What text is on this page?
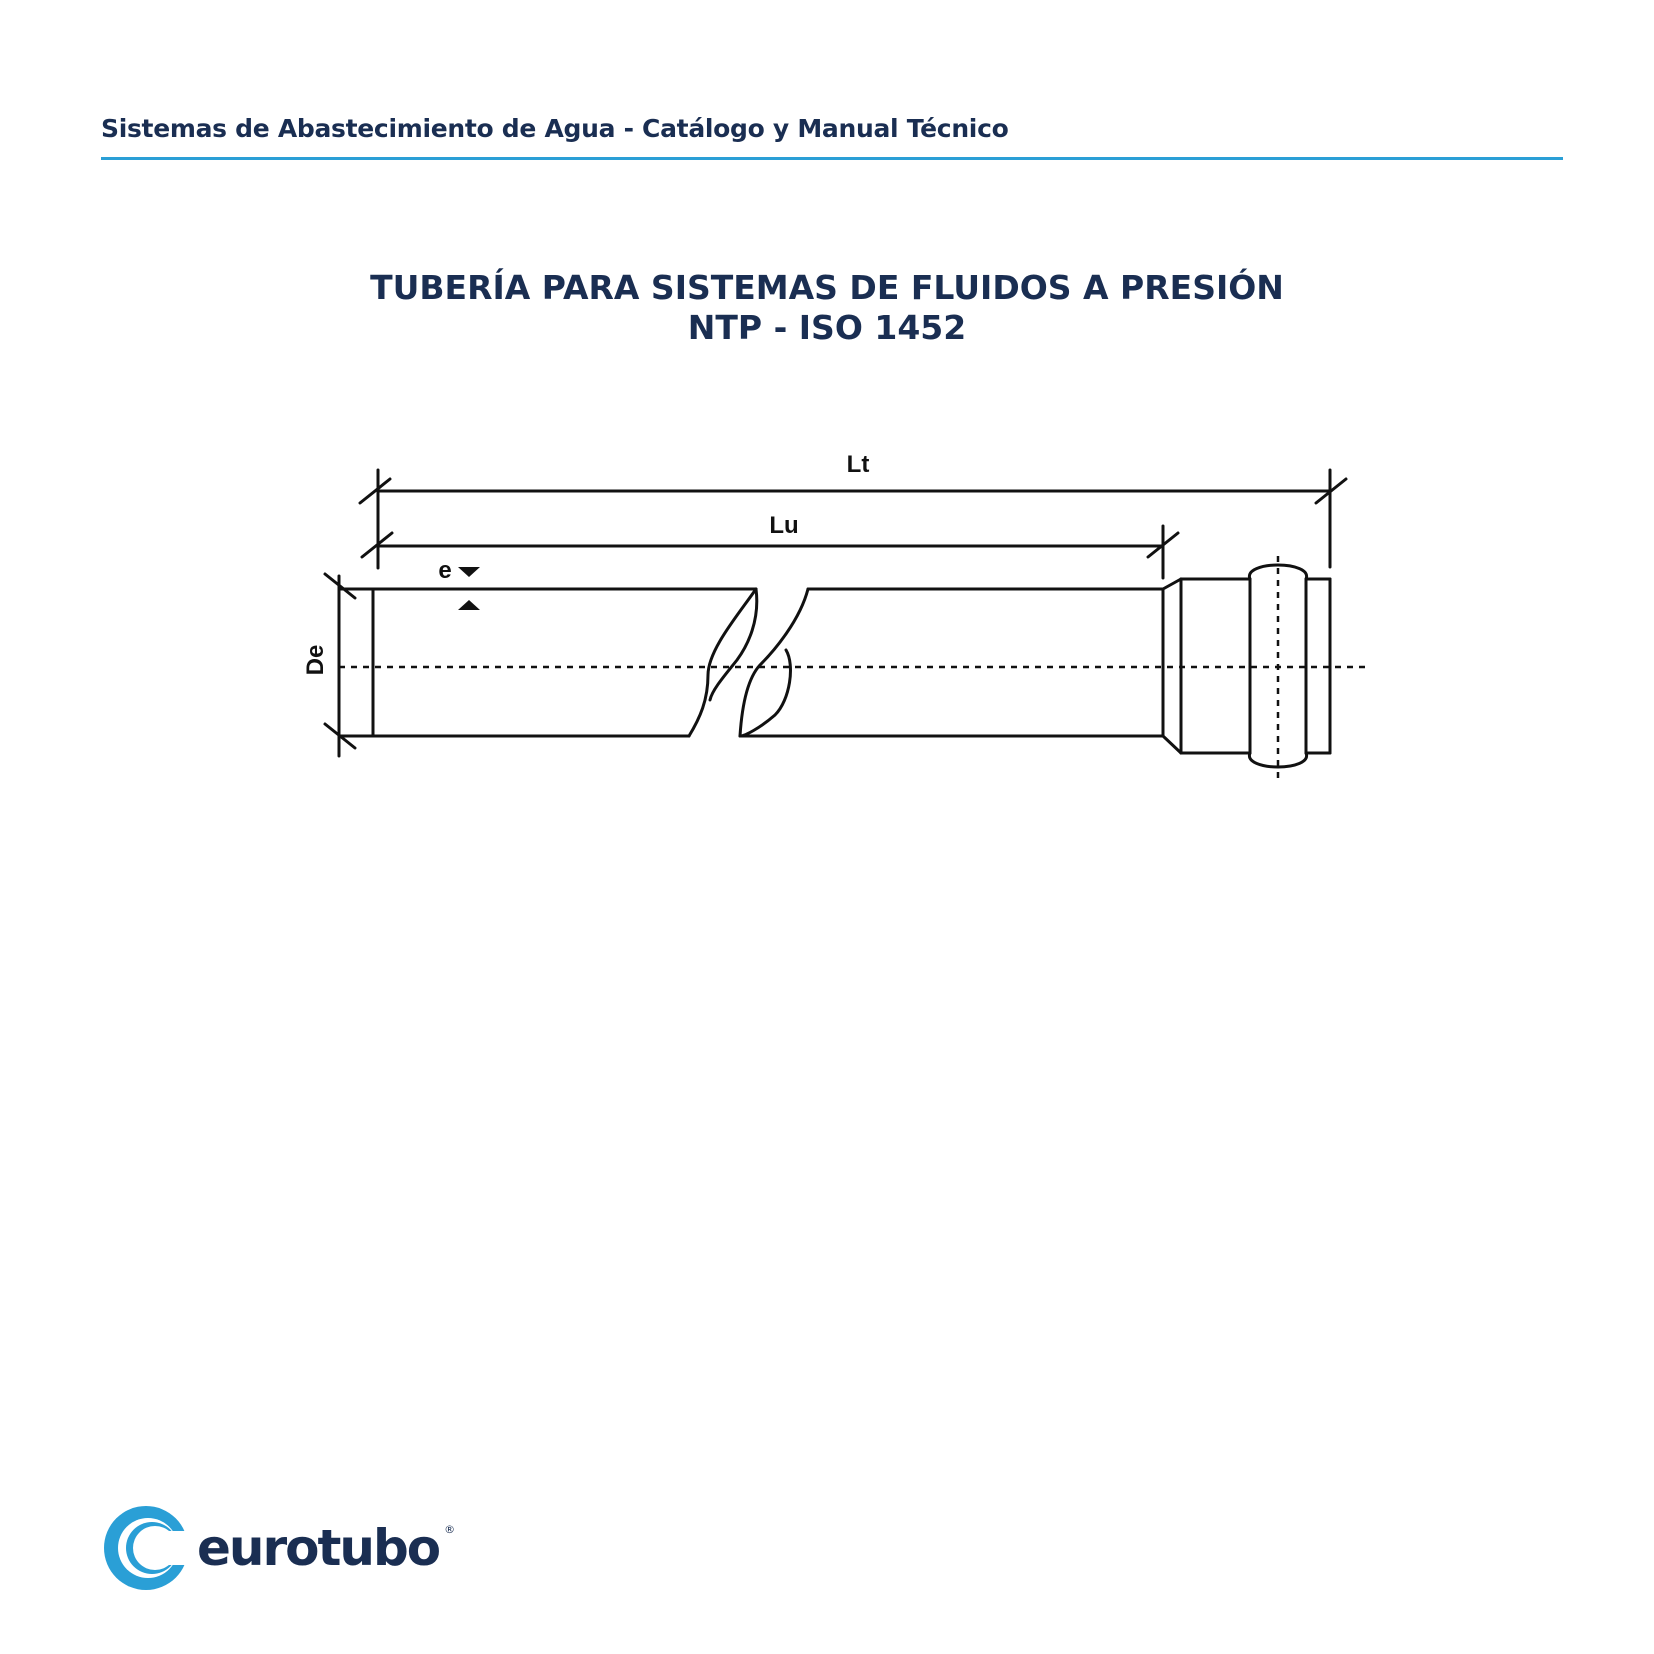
Sistemas de Abastecimiento de Agua - Catálogo y Manual Técnico
TUBERÍA PARA SISTEMAS DE FLUIDOS A PRESIÓN
NTP - ISO 1452
Lt
Lu
e
De
eurotubo ®
